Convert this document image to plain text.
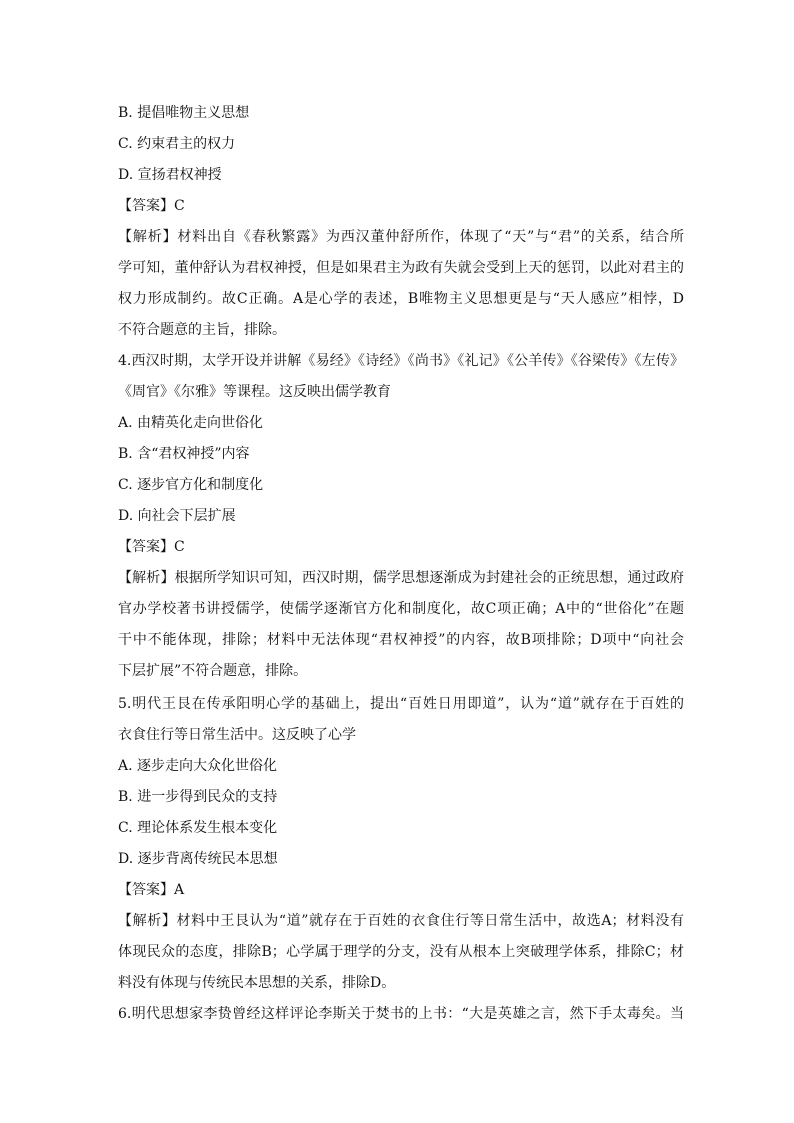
B. 提倡唯物主义思想
C. 约束君主的权力
D. 宣扬君权神授
【答案】C
【解析】材料出自《春秋繁露》为西汉董仲舒所作，体现了“天”与“君”的关系，结合所
学可知，董仲舒认为君权神授，但是如果君主为政有失就会受到上天的惩罚，以此对君主的
权力形成制约。故C正确。A是心学的表述，B唯物主义思想更是与“天人感应”相悖，D
不符合题意的主旨，排除。
4.西汉时期，太学开设并讲解《易经》《诗经》《尚书》《礼记》《公羊传》《谷梁传》《左传》
《周官》《尔雅》等课程。这反映出儒学教育
A. 由精英化走向世俗化
B. 含“君权神授”内容
C. 逐步官方化和制度化
D. 向社会下层扩展
【答案】C
【解析】根据所学知识可知，西汉时期，儒学思想逐渐成为封建社会的正统思想，通过政府
官办学校著书讲授儒学，使儒学逐渐官方化和制度化，故C项正确；A中的“世俗化”在题
干中不能体现，排除；材料中无法体现“君权神授”的内容，故B项排除；D项中“向社会
下层扩展”不符合题意，排除。
5.明代王艮在传承阳明心学的基础上，提出“百姓日用即道”，认为“道”就存在于百姓的
衣食住行等日常生活中。这反映了心学
A. 逐步走向大众化世俗化
B. 进一步得到民众的支持
C. 理论体系发生根本变化
D. 逐步背离传统民本思想
【答案】A
【解析】材料中王艮认为“道”就存在于百姓的衣食住行等日常生活中，故选A；材料没有
体现民众的态度，排除B；心学属于理学的分支，没有从根本上突破理学体系，排除C；材
料没有体现与传统民本思想的关系，排除D。
6.明代思想家李贽曾经这样评论李斯关于焚书的上书：“大是英雄之言，然下手太毒矣。当
